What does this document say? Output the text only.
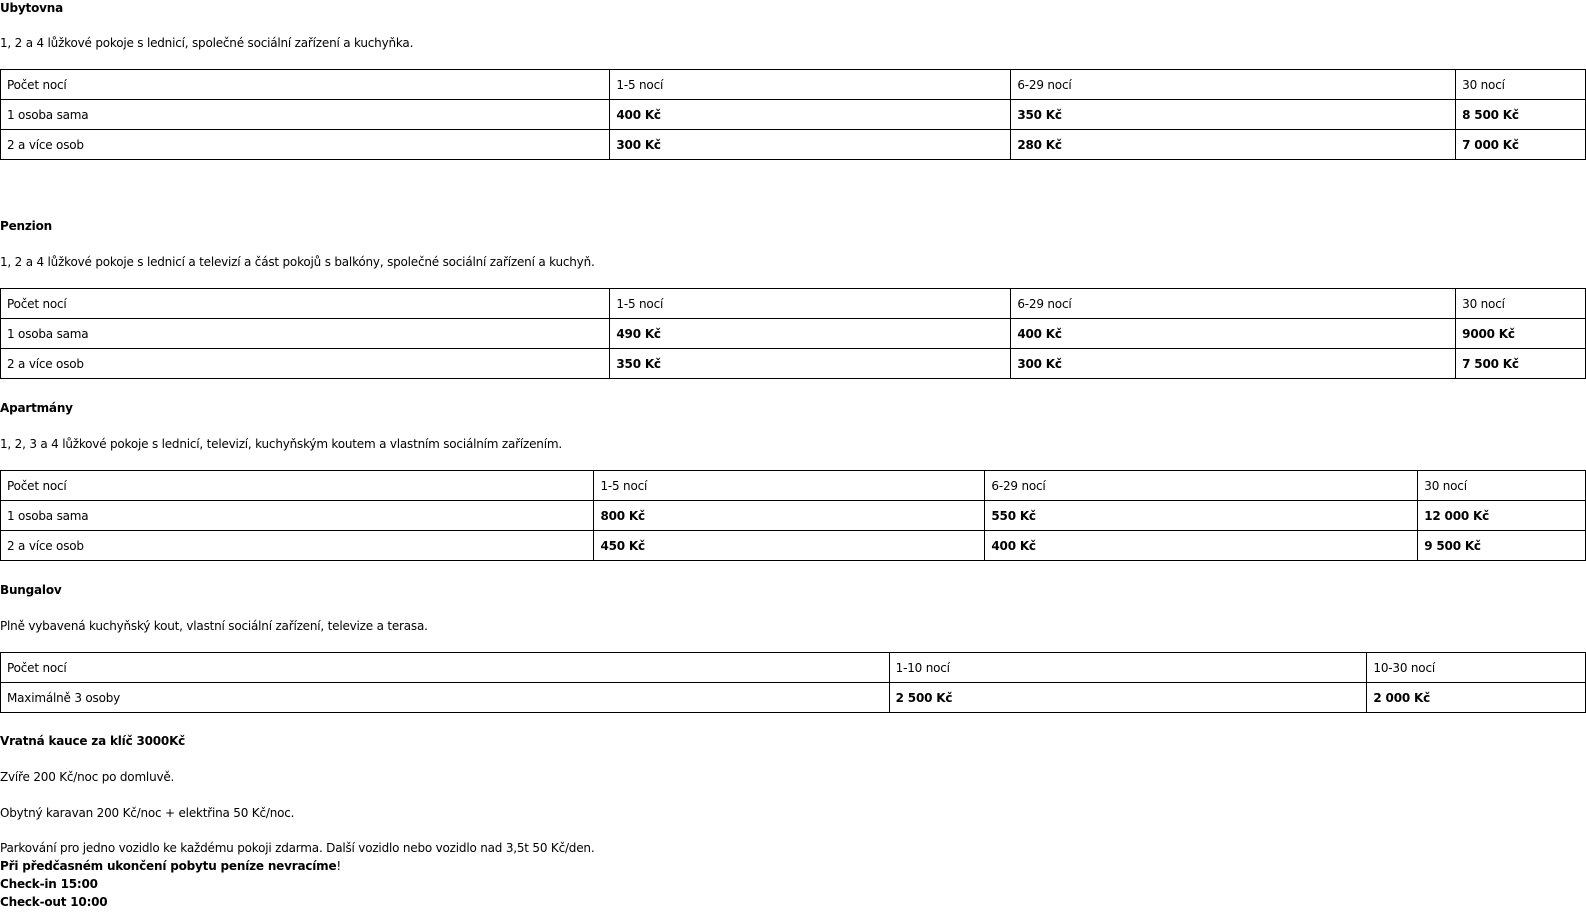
Ubytovna
1, 2 a 4 lůžkové pokoje s lednicí, společné sociální zařízení a kuchyňka.
Počet nocí	1-5 nocí	6-29 nocí	30 nocí
1 osoba sama	400 Kč	350 Kč	8 500 Kč
2 a více osob	300 Kč	280 Kč	7 000 Kč
Penzion
1, 2 a 4 lůžkové pokoje s lednicí a televizí a část pokojů s balkóny, společné sociální zařízení a kuchyň.
Počet nocí	1-5 nocí	6-29 nocí	30 nocí
1 osoba sama	490 Kč	400 Kč	9000 Kč
2 a více osob	350 Kč	300 Kč	7 500 Kč
Apartmány
1, 2, 3 a 4 lůžkové pokoje s lednicí, televizí, kuchyňským koutem a vlastním sociálním zařízením.
Počet nocí	1-5 nocí	6-29 nocí	30 nocí
1 osoba sama	800 Kč	550 Kč	12 000 Kč
2 a více osob	450 Kč	400 Kč	9 500 Kč
Bungalov
Plně vybavená kuchyňský kout, vlastní sociální zařízení, televize a terasa.
Počet nocí	1-10 nocí	10-30 nocí
Maximálně 3 osoby	2 500 Kč	2 000 Kč
Vratná kauce za klíč 3000Kč
Zvíře 200 Kč/noc po domluvě.
Obytný karavan 200 Kč/noc + elektřina 50 Kč/noc.
Parkování pro jedno vozidlo ke každému pokoji zdarma. Další vozidlo nebo vozidlo nad 3,5t 50 Kč/den.
Při předčasném ukončení pobytu peníze nevracíme!
Check-in 15:00
Check-out 10:00
